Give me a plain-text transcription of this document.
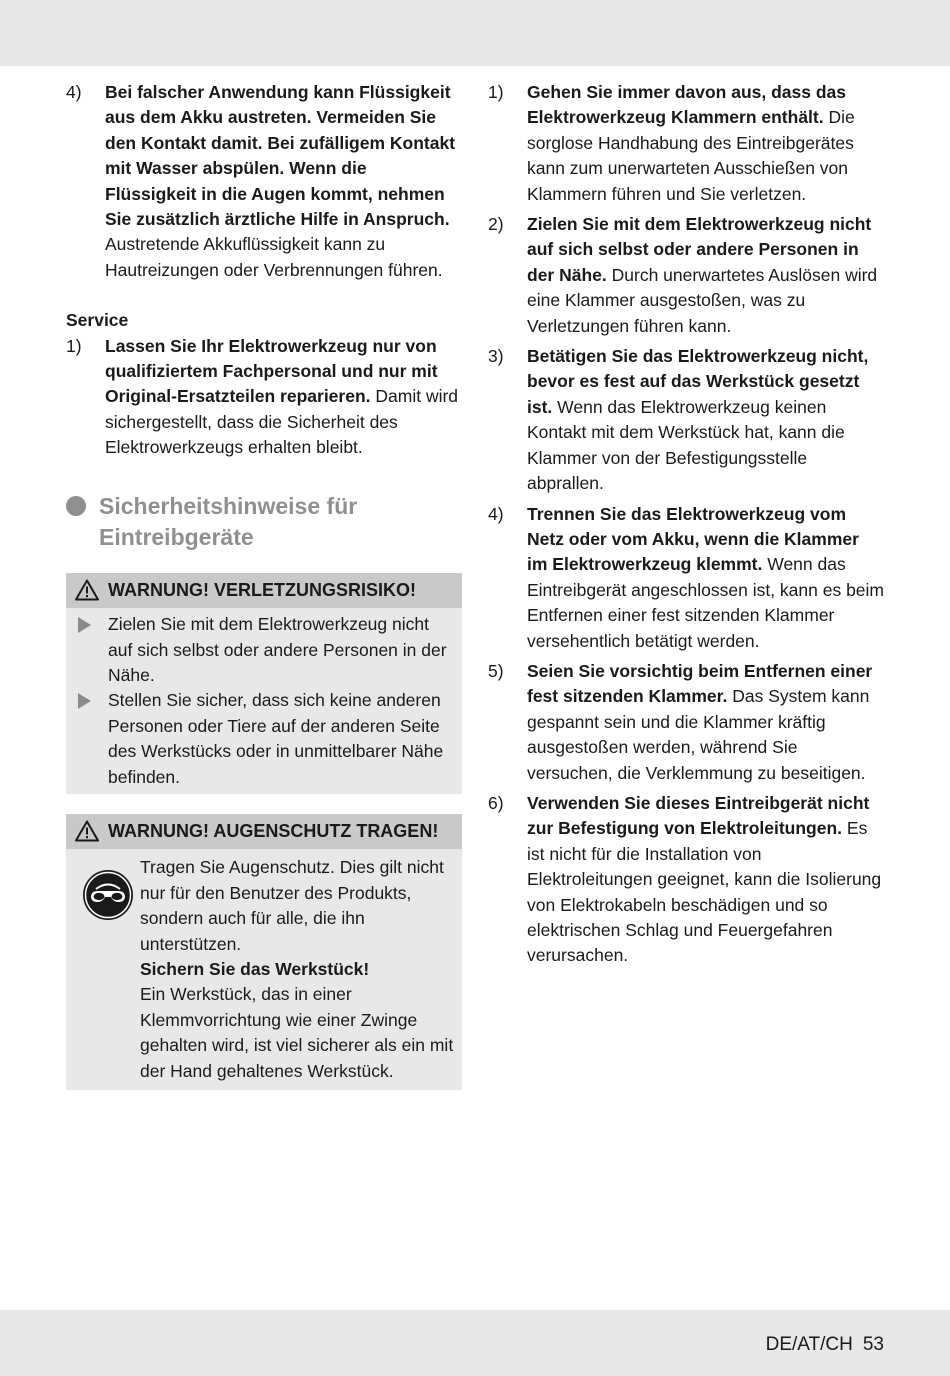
4) Bei falscher Anwendung kann Flüssigkeit aus dem Akku austreten. Vermeiden Sie den Kontakt damit. Bei zufälligem Kontakt mit Wasser abspülen. Wenn die Flüssigkeit in die Augen kommt, nehmen Sie zusätzlich ärztliche Hilfe in Anspruch. Austretende Akkuflüssigkeit kann zu Hautreizungen oder Verbrennungen führen.
Service
1) Lassen Sie Ihr Elektrowerkzeug nur von qualifiziertem Fachpersonal und nur mit Original-Ersatzteilen reparieren. Damit wird sichergestellt, dass die Sicherheit des Elektrowerkzeugs erhalten bleibt.
Sicherheitshinweise für Eintreibgeräte
WARNUNG! VERLETZUNGSRISIKO!
Zielen Sie mit dem Elektrowerkzeug nicht auf sich selbst oder andere Personen in der Nähe.
Stellen Sie sicher, dass sich keine anderen Personen oder Tiere auf der anderen Seite des Werkstücks oder in unmittelbarer Nähe befinden.
WARNUNG! AUGENSCHUTZ TRAGEN!
Tragen Sie Augenschutz. Dies gilt nicht nur für den Benutzer des Produkts, sondern auch für alle, die ihn unterstützen.
Sichern Sie das Werkstück!
Ein Werkstück, das in einer Klemmvorrichtung wie einer Zwinge gehalten wird, ist viel sicherer als ein mit der Hand gehaltenes Werkstück.
1) Gehen Sie immer davon aus, dass das Elektrowerkzeug Klammern enthält. Die sorglose Handhabung des Eintreibgerätes kann zum unerwarteten Ausschießen von Klammern führen und Sie verletzen.
2) Zielen Sie mit dem Elektrowerkzeug nicht auf sich selbst oder andere Personen in der Nähe. Durch unerwartetes Auslösen wird eine Klammer ausgestoßen, was zu Verletzungen führen kann.
3) Betätigen Sie das Elektrowerkzeug nicht, bevor es fest auf das Werkstück gesetzt ist. Wenn das Elektrowerkzeug keinen Kontakt mit dem Werkstück hat, kann die Klammer von der Befestigungsstelle abprallen.
4) Trennen Sie das Elektrowerkzeug vom Netz oder vom Akku, wenn die Klammer im Elektrowerkzeug klemmt. Wenn das Eintreibgerät angeschlossen ist, kann es beim Entfernen einer fest sitzenden Klammer versehentlich betätigt werden.
5) Seien Sie vorsichtig beim Entfernen einer fest sitzenden Klammer. Das System kann gespannt sein und die Klammer kräftig ausgestoßen werden, während Sie versuchen, die Verklemmung zu beseitigen.
6) Verwenden Sie dieses Eintreibgerät nicht zur Befestigung von Elektroleitungen. Es ist nicht für die Installation von Elektroleitungen geeignet, kann die Isolierung von Elektrokabeln beschädigen und so elektrischen Schlag und Feuergefahren verursachen.
DE/AT/CH 53
